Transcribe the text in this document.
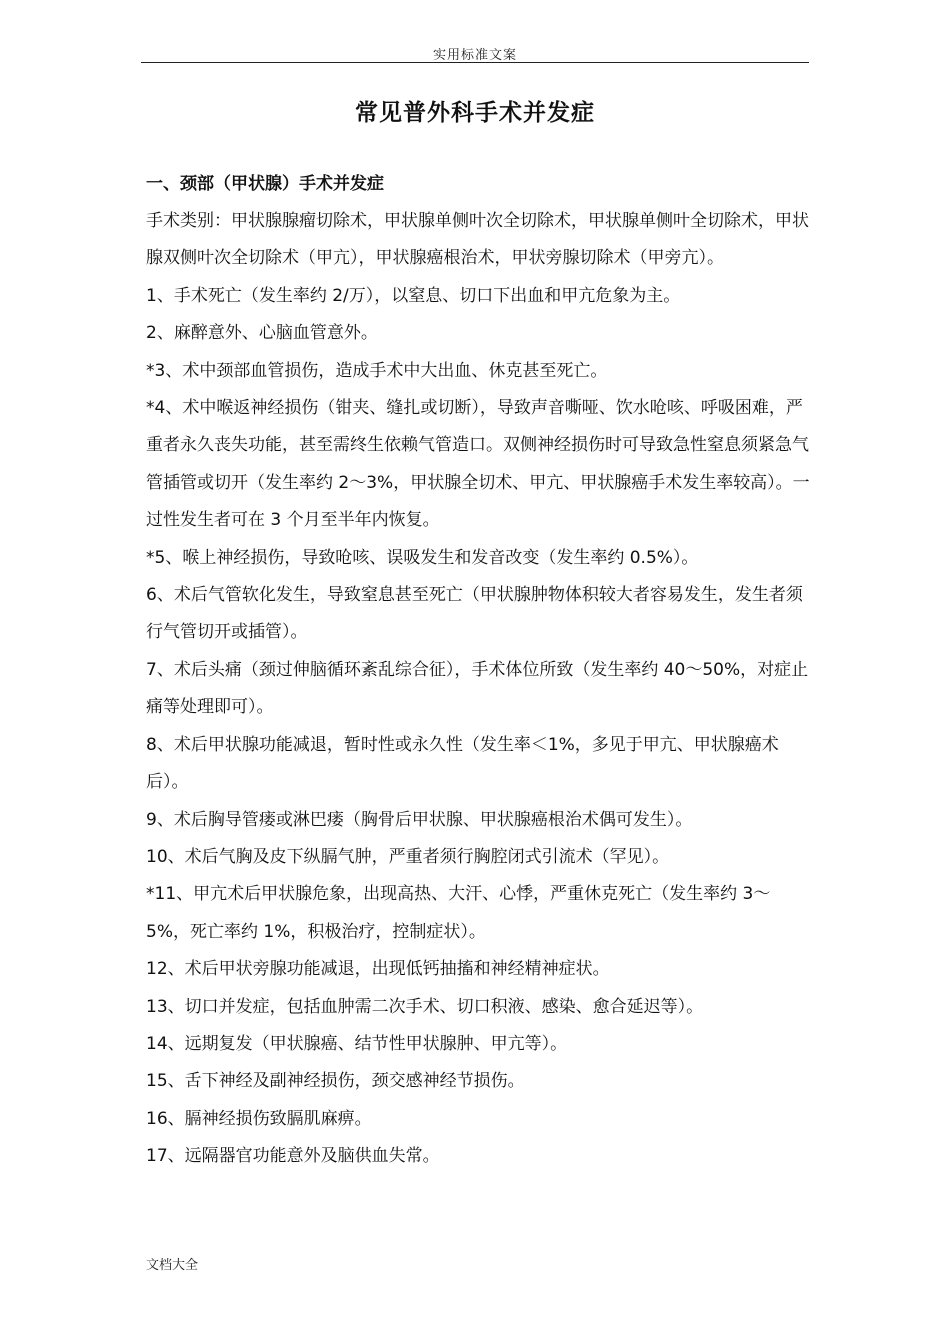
实用标准文案
常见普外科手术并发症
一、颈部（甲状腺）手术并发症

手术类别：甲状腺腺瘤切除术，甲状腺单侧叶次全切除术，甲状腺单侧叶全切除术，甲状腺双侧叶次全切除术（甲亢），甲状腺癌根治术，甲状旁腺切除术（甲旁亢）。

1、手术死亡（发生率约 2/万），以窒息、切口下出血和甲亢危象为主。

2、麻醉意外、心脑血管意外。

*3、术中颈部血管损伤，造成手术中大出血、休克甚至死亡。

*4、术中喉返神经损伤（钳夹、缝扎或切断），导致声音嘶哑、饮水呛咳、呼吸困难，严重者永久丧失功能，甚至需终生依赖气管造口。双侧神经损伤时可导致急性窒息须紧急气管插管或切开（发生率约 2～3%，甲状腺全切术、甲亢、甲状腺癌手术发生率较高）。一过性发生者可在 3 个月至半年内恢复。

*5、喉上神经损伤，导致呛咳、误吸发生和发音改变（发生率约 0.5%）。

6、术后气管软化发生，导致窒息甚至死亡（甲状腺肿物体积较大者容易发生，发生者须行气管切开或插管）。

7、术后头痛（颈过伸脑循环紊乱综合征），手术体位所致（发生率约 40～50%，对症止痛等处理即可）。

8、术后甲状腺功能减退，暂时性或永久性（发生率＜1%，多见于甲亢、甲状腺癌术后）。

9、术后胸导管瘘或淋巴瘘（胸骨后甲状腺、甲状腺癌根治术偶可发生）。

10、术后气胸及皮下纵膈气肿，严重者须行胸腔闭式引流术（罕见）。

*11、甲亢术后甲状腺危象，出现高热、大汗、心悸，严重休克死亡（发生率约 3～5%，死亡率约 1%，积极治疗，控制症状）。

12、术后甲状旁腺功能减退，出现低钙抽搐和神经精神症状。

13、切口并发症，包括血肿需二次手术、切口积液、感染、愈合延迟等）。

14、远期复发（甲状腺癌、结节性甲状腺肿、甲亢等）。

15、舌下神经及副神经损伤，颈交感神经节损伤。

16、膈神经损伤致膈肌麻痹。

17、远隔器官功能意外及脑供血失常。

文档大全
